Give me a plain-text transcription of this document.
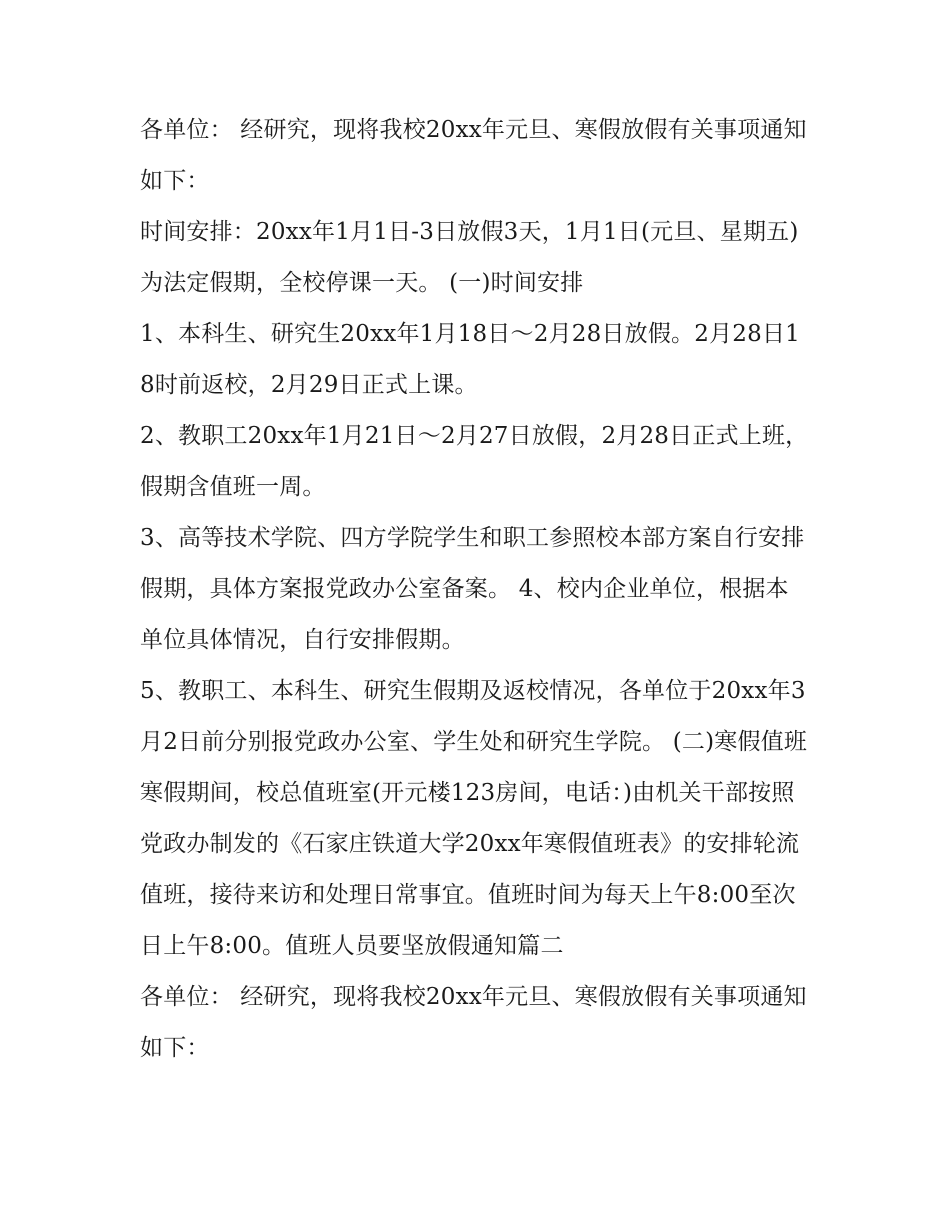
各单位： 经研究，现将我校20xx年元旦、寒假放假有关事项通知如下：

时间安排：20xx年1月1日-3日放假3天，1月1日(元旦、星期五)为法定假期，全校停课一天。 (一)时间安排

1、本科生、研究生20xx年1月18日～2月28日放假。2月28日18时前返校，2月29日正式上课。

2、教职工20xx年1月21日～2月27日放假，2月28日正式上班，假期含值班一周。

3、高等技术学院、四方学院学生和职工参照校本部方案自行安排假期，具体方案报党政办公室备案。 4、校内企业单位，根据本单位具体情况，自行安排假期。

5、教职工、本科生、研究生假期及返校情况，各单位于20xx年3月2日前分别报党政办公室、学生处和研究生学院。 (二)寒假值班

寒假期间，校总值班室(开元楼123房间，电话：)由机关干部按照党政办制发的《石家庄铁道大学20xx年寒假值班表》的安排轮流值班，接待来访和处理日常事宜。值班时间为每天上午8:00至次日上午8:00。值班人员要坚放假通知篇二

各单位： 经研究，现将我校20xx年元旦、寒假放假有关事项通知如下：
